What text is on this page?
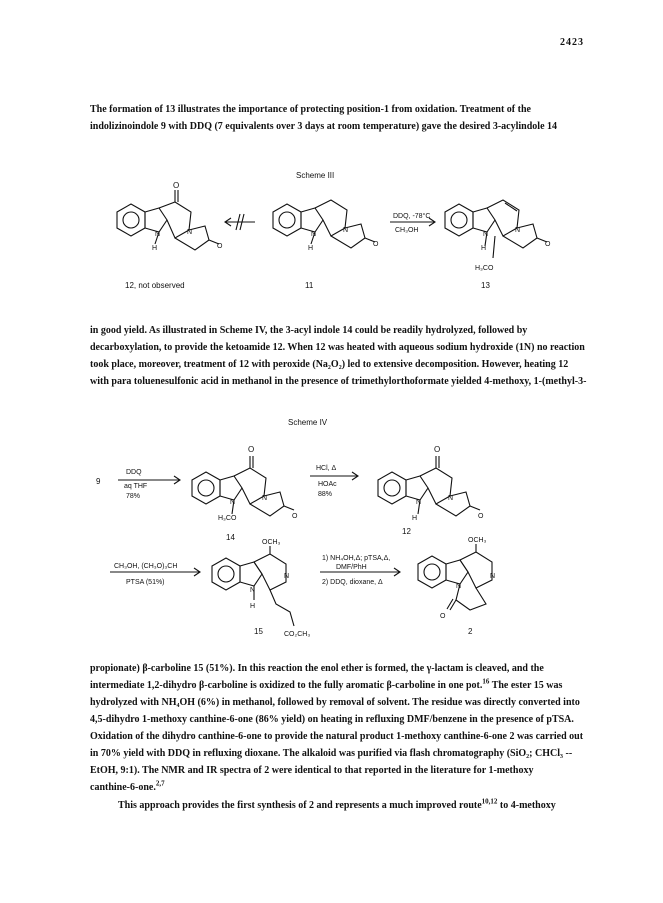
2423

The formation of 13 illustrates the importance of protecting position-1 from oxidation. Treatment of the

indolizinoindole 9 with DDQ (7 equivalents over 3 days at room temperature) gave the desired 3-acylindole 14

Scheme III
O
N
H
N
O
N
H
N
O
N
H
N
O
H₃CO
DDQ, -78°C
CH₃OH
12, not observed	11	13

in good yield. As illustrated in Scheme IV, the 3-acyl indole 14 could be readily hydrolyzed, followed by

decarboxylation, to provide the ketoamide 12. When 12 was heated with aqueous sodium hydroxide (1N) no reaction

took place, moreover, treatment of 12 with peroxide (Na₂O₂) led to extensive decomposition. However, heating 12

with para toluenesulfonic acid in methanol in the presence of trimethylorthoformate yielded 4-methoxy, 1-(methyl-3-

Scheme IV
O
N
N
O
H₃CO
O
N
H
N
O
N
H
N
N
N
O
OCH₃	OCH₃
CO₂CH₃
9
DDQ
aq THF
78%
HCl, Δ
HOAc
88%
CH₃OH, (CH₃O)₃CH
PTSA (51%)
1) NH₄OH,Δ; pTSA,Δ,
DMF/PhH
2) DDQ, dioxane, Δ
14
12
15	2

propionate) β-carboline 15 (51%). In this reaction the enol ether is formed, the γ-lactam is cleaved, and the

intermediate 1,2-dihydro β-carboline is oxidized to the fully aromatic β-carboline in one pot.$^{16}$ The ester 15 was

hydrolyzed with NH₄OH (6%) in methanol, followed by removal of solvent. The residue was directly converted into

4,5-dihydro 1-methoxy canthine-6-one (86% yield) on heating in refluxing DMF/benzene in the presence of pTSA.

Oxidation of the dihydro canthine-6-one to provide the natural product 1-methoxy canthine-6-one 2 was carried out

in 70% yield with DDQ in refluxing dioxane. The alkaloid was purified via flash chromatography (SiO₂; CHCl₃ --

EtOH, 9:1). The NMR and IR spectra of 2 were identical to that reported in the literature for 1-methoxy

canthine-6-one.$^{2,7}$

This approach provides the first synthesis of 2 and represents a much improved route$^{10,12}$ to 4-methoxy
